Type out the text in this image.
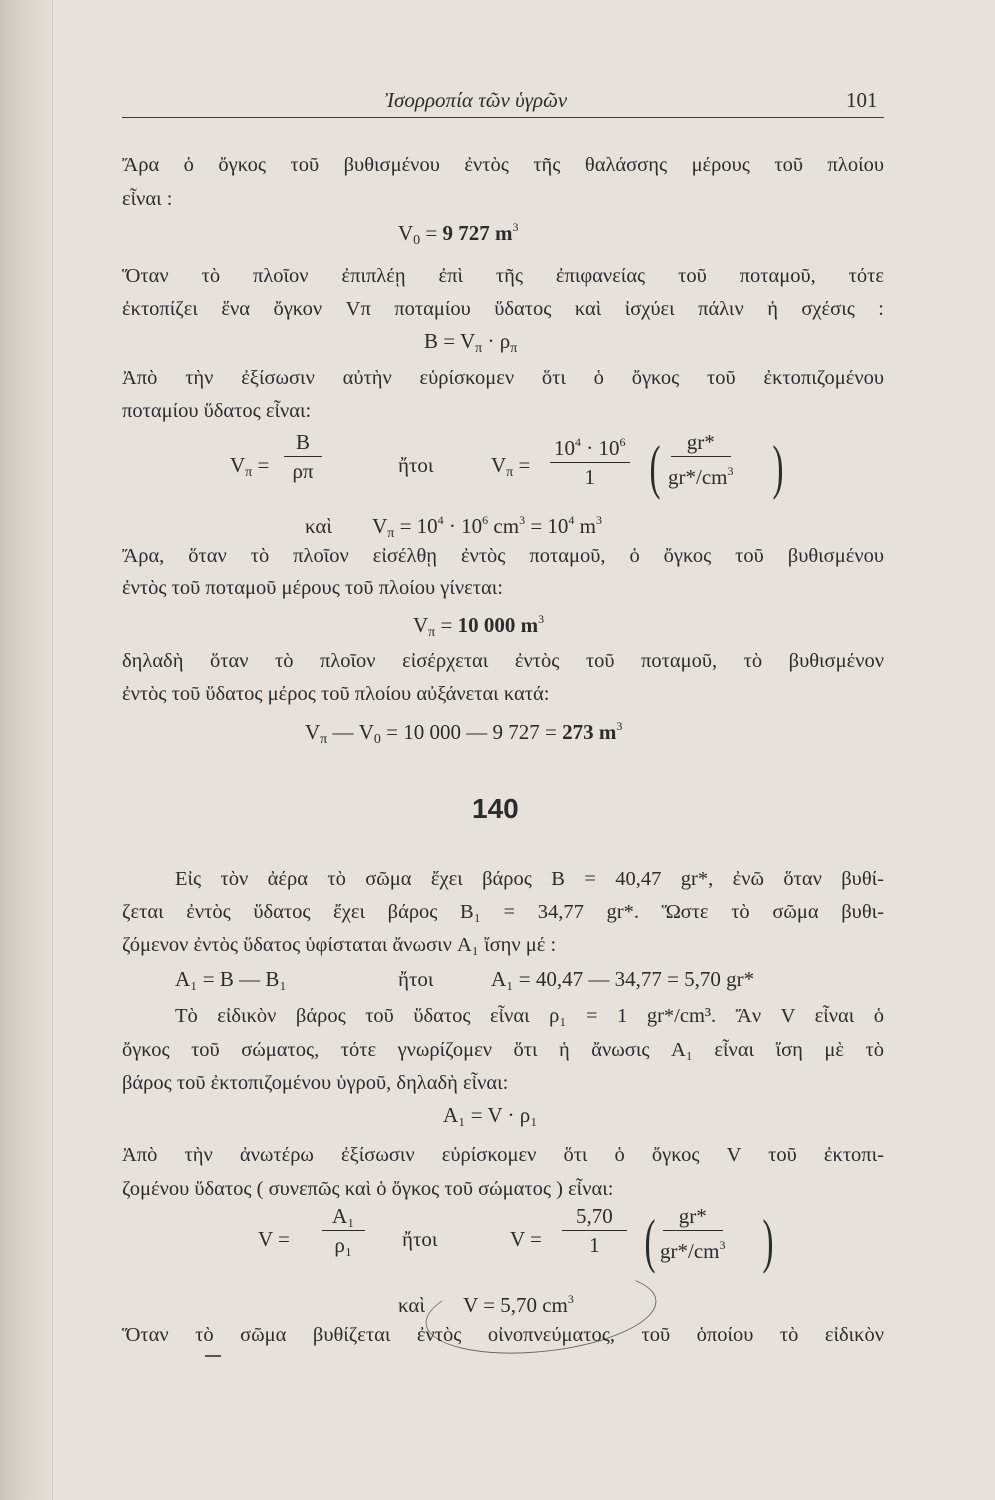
Ἰσορροπία τῶν ὑγρῶν	101
Ἄρα ὁ ὄγκος τοῦ βυθισμένου ἐντὸς τῆς θαλάσσης μέρους τοῦ πλοίου
εἶναι :
$V_0 = 9$ 727 $m^3$
Ὅταν τὸ πλοῖον ἐπιπλέῃ ἐπὶ τῆς ἐπιφανείας τοῦ ποταμοῦ, τότε
ἐκτοπίζει ἕνα ὄγκον Vπ ποταμίου ὕδατος καὶ ἰσχύει πάλιν ἡ σχέσις :
$B = V_\pi \cdot \rho_\pi$
Ἀπὸ τὴν ἐξίσωσιν αὐτὴν εὑρίσκομεν ὅτι ὁ ὄγκος τοῦ ἐκτοπιζομένου
ποταμίου ὕδατος εἶναι:
$V_\pi = \frac{B}{\rho\pi}$	ἤτοι	$V_\pi = \frac{10^4 \cdot 10^6}{1}$ ( $\frac{gr*}{gr*/cm^3}$ )
καὶ $V_\pi = 10^4 \cdot 10^6$ $cm^3 = 10^4$ $m^3$
Ἄρα, ὅταν τὸ πλοῖον εἰσέλθῃ ἐντὸς ποταμοῦ, ὁ ὄγκος τοῦ βυθισμένου
ἐντὸς τοῦ ποταμοῦ μέρους τοῦ πλοίου γίνεται:
$V_\pi = 10$ 000 $m^3$
δηλαδὴ ὅταν τὸ πλοῖον εἰσέρχεται ἐντὸς τοῦ ποταμοῦ, τὸ βυθισμένον
ἐντὸς τοῦ ὕδατος μέρος τοῦ πλοίου αὐξάνεται κατά:
$V_\pi$ — $V_0 = 10$ 000 — 9 727 = 273 $m^3$
140
Εἰς τὸν ἀέρα τὸ σῶμα ἔχει βάρος B = 40,47 gr*, ἐνῶ ὅταν βυθί-
ζεται ἐντὸς ὕδατος ἔχει βάρος B₁ = 34,77 gr*. Ὥστε τὸ σῶμα βυθι-
ζόμενον ἐντὸς ὕδατος ὑφίσταται ἄνωσιν A₁ ἴσην μέ :
A₁ = B — B₁	ἤτοι	A₁ = 40,47 — 34,77 = 5,70 gr*
Τὸ εἰδικὸν βάρος τοῦ ὕδατος εἶναι ρ₁ = 1 gr*/cm³. Ἄν V εἶναι ὁ
ὄγκος τοῦ σώματος, τότε γνωρίζομεν ὅτι ἡ ἄνωσις A₁ εἶναι ἴση μὲ τὸ
βάρος τοῦ ἐκτοπιζομένου ὑγροῦ, δηλαδὴ εἶναι:
A₁ = V · ρ₁
Ἀπὸ τὴν ἀνωτέρω ἐξίσωσιν εὑρίσκομεν ὅτι ὁ ὄγκος V τοῦ ἐκτοπι-
ζομένου ὕδατος ( συνεπῶς καὶ ὁ ὄγκος τοῦ σώματος ) εἶναι:
$V = \frac{\text{A₁}}{\text{ρ₁}}$ ἤτοι	$V = \frac{5,70}{1}$ ( $\frac{gr*}{gr*/cm^3}$ )
καὶ V = 5,70 $cm^3$
Ὅταν τὸ σῶμα βυθίζεται ἐντὸς οἰνοπνεύματος, τοῦ ὁποίου τὸ εἰδικὸν
